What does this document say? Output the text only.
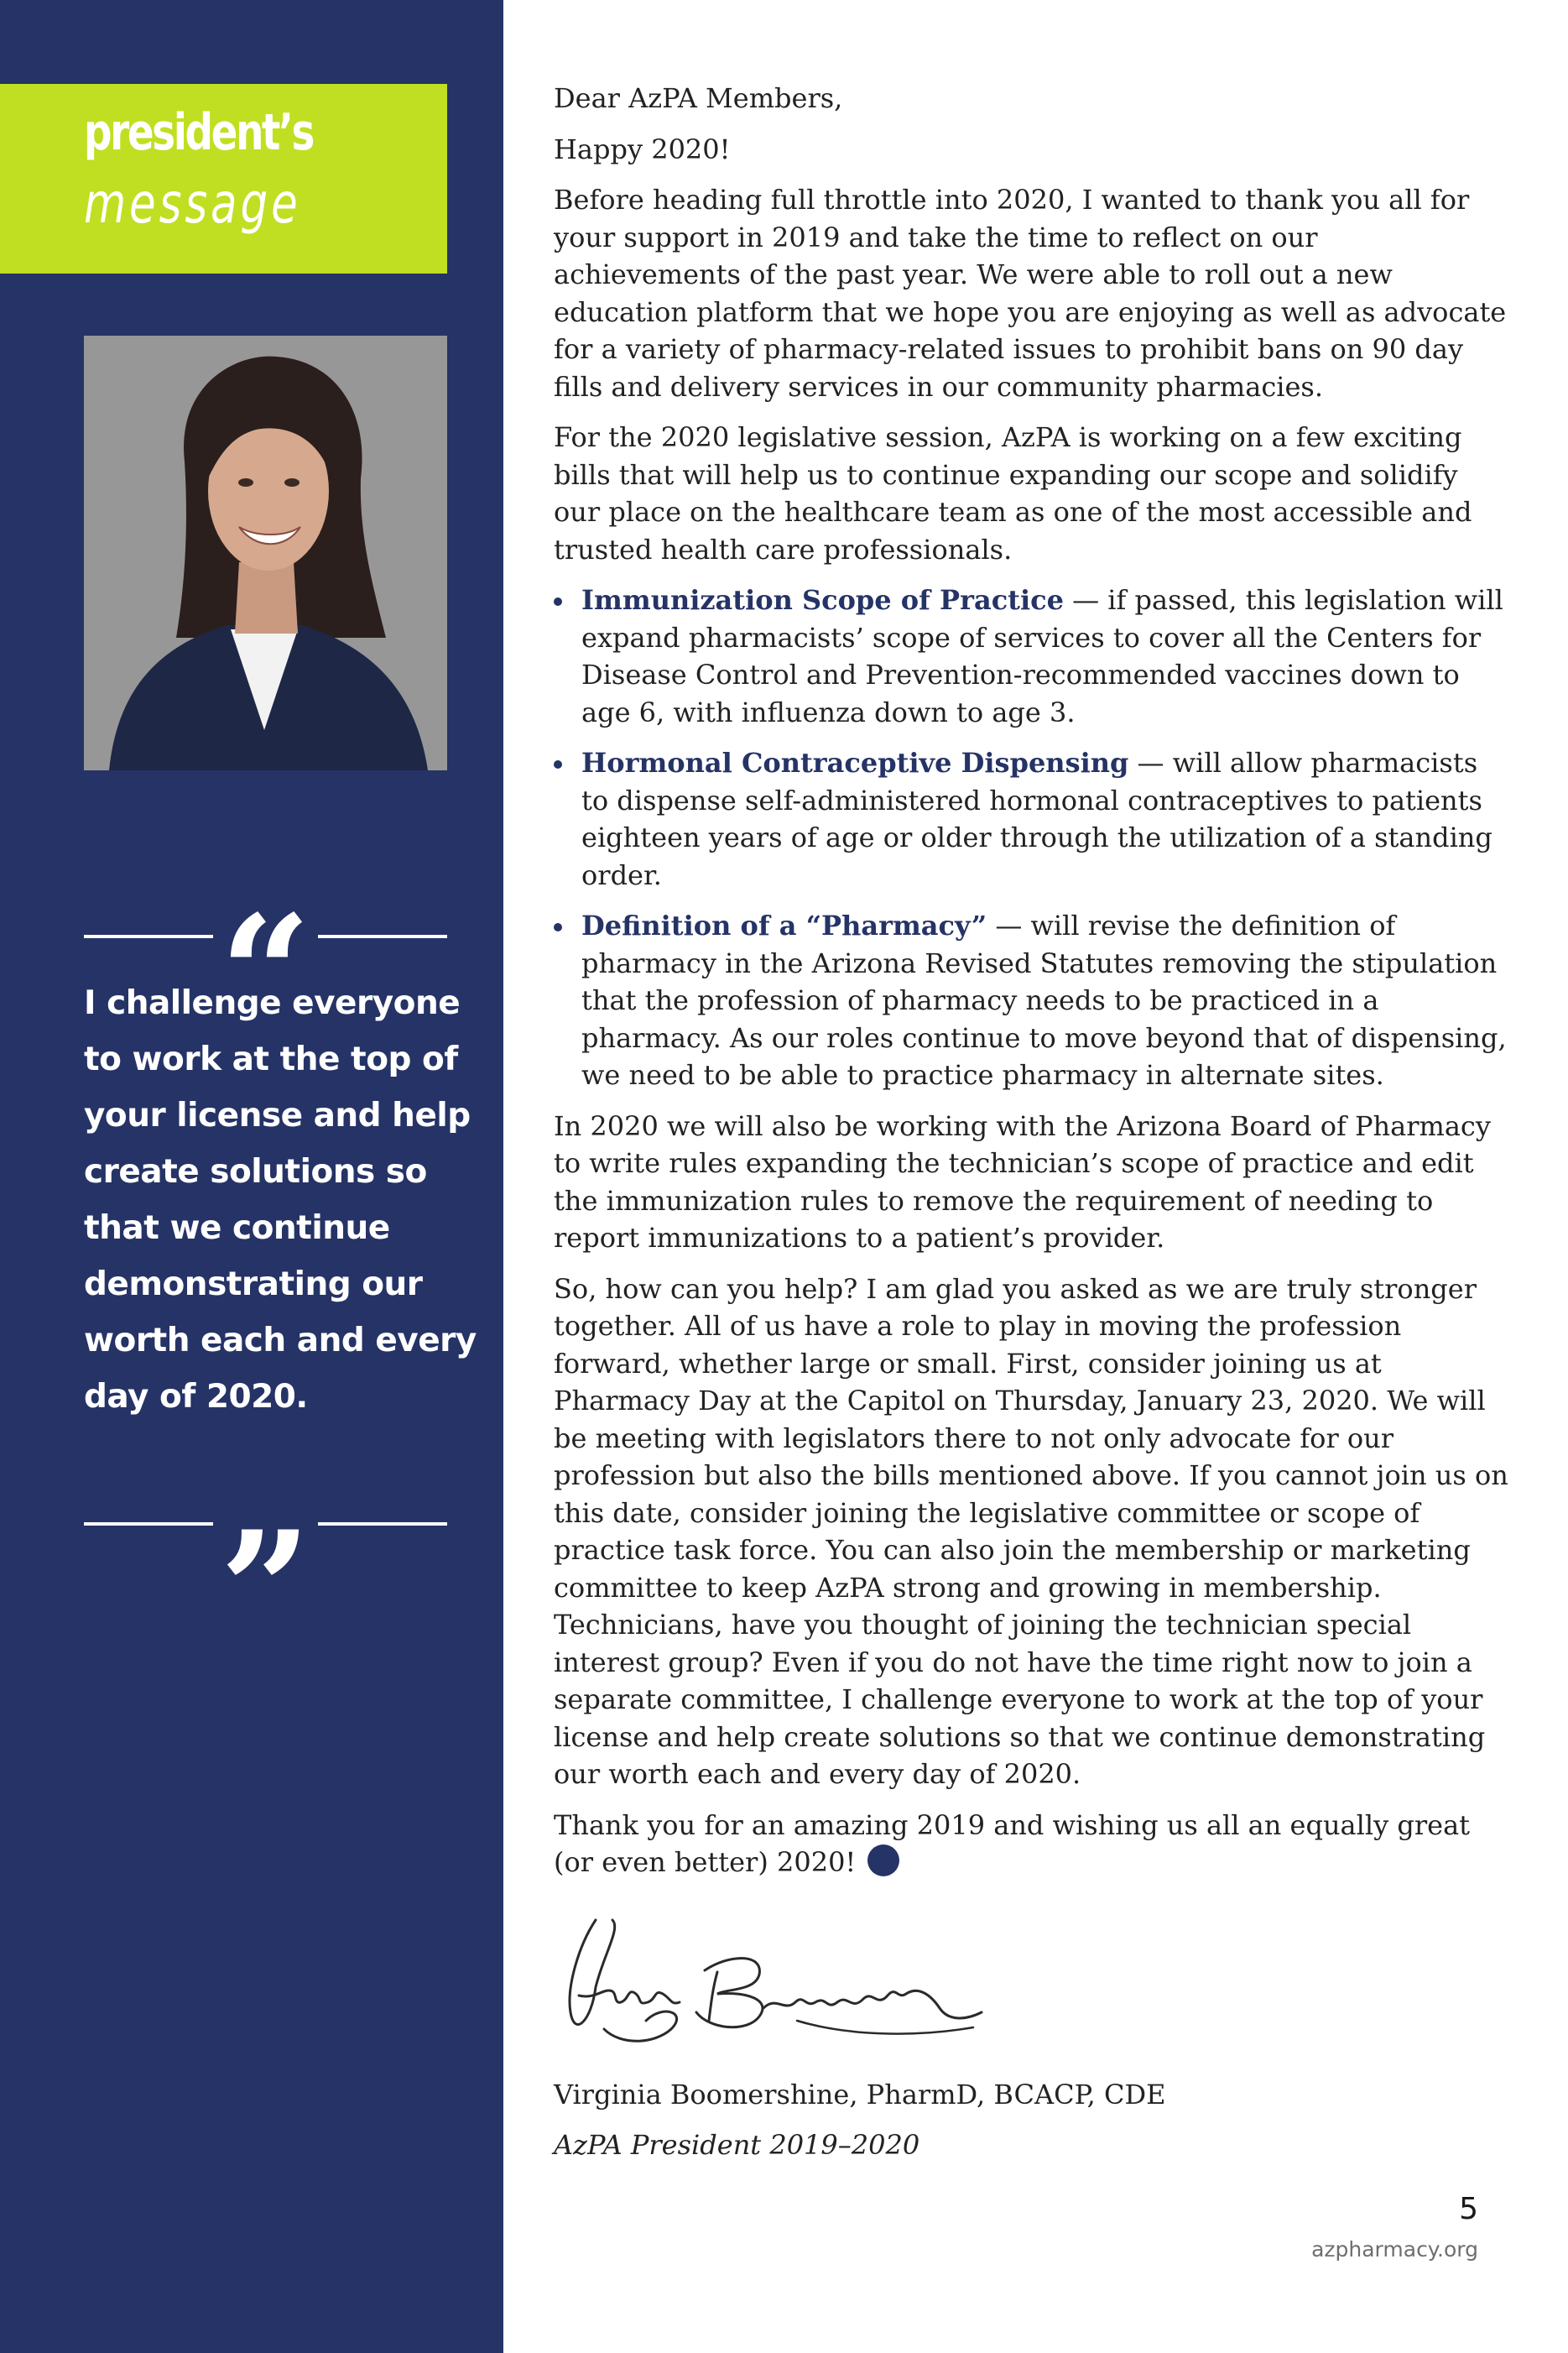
president’s
message
I challenge everyone to work at the top of your license and help create solutions so that we continue demonstrating our worth each and every day of 2020.
”

Dear AzPA Members,

Happy 2020!

Before heading full throttle into 2020, I wanted to thank you all for your support in 2019 and take the time to reflect on our achievements of the past year. We were able to roll out a new education platform that we hope you are enjoying as well as advocate for a variety of pharmacy-related issues to prohibit bans on 90 day fills and delivery services in our community pharmacies.

For the 2020 legislative session, AzPA is working on a few exciting bills that will help us to continue expanding our scope and solidify our place on the healthcare team as one of the most accessible and trusted health care professionals.

Immunization Scope of Practice — if passed, this legislation will expand pharmacists’ scope of services to cover all the Centers for Disease Control and Prevention-recommended vaccines down to age 6, with influenza down to age 3.
Hormonal Contraceptive Dispensing — will allow pharmacists to dispense self-administered hormonal contraceptives to patients eighteen years of age or older through the utilization of a standing order.
Definition of a “Pharmacy” — will revise the definition of pharmacy in the Arizona Revised Statutes removing the stipulation that the profession of pharmacy needs to be practiced in a pharmacy. As our roles continue to move beyond that of dispensing, we need to be able to practice pharmacy in alternate sites.

In 2020 we will also be working with the Arizona Board of Pharmacy to write rules expanding the technician’s scope of practice and edit the immunization rules to remove the requirement of needing to report immunizations to a patient’s provider.

So, how can you help? I am glad you asked as we are truly stronger together. All of us have a role to play in moving the profession forward, whether large or small. First, consider joining us at Pharmacy Day at the Capitol on Thursday, January 23, 2020. We will be meeting with legislators there to not only advocate for our profession but also the bills mentioned above. If you cannot join us on this date, consider joining the legislative committee or scope of practice task force. You can also join the membership or marketing committee to keep AzPA strong and growing in membership. Technicians, have you thought of joining the technician special interest group? Even if you do not have the time right now to join a separate committee, I challenge everyone to work at the top of your license and help create solutions so that we continue demonstrating our worth each and every day of 2020.

Thank you for an amazing 2019 and wishing us all an equally great (or even better) 2020!

Virginia Boomershine, PharmD, BCACP, CDE

AzPA President 2019–2020

5
azpharmacy.org
